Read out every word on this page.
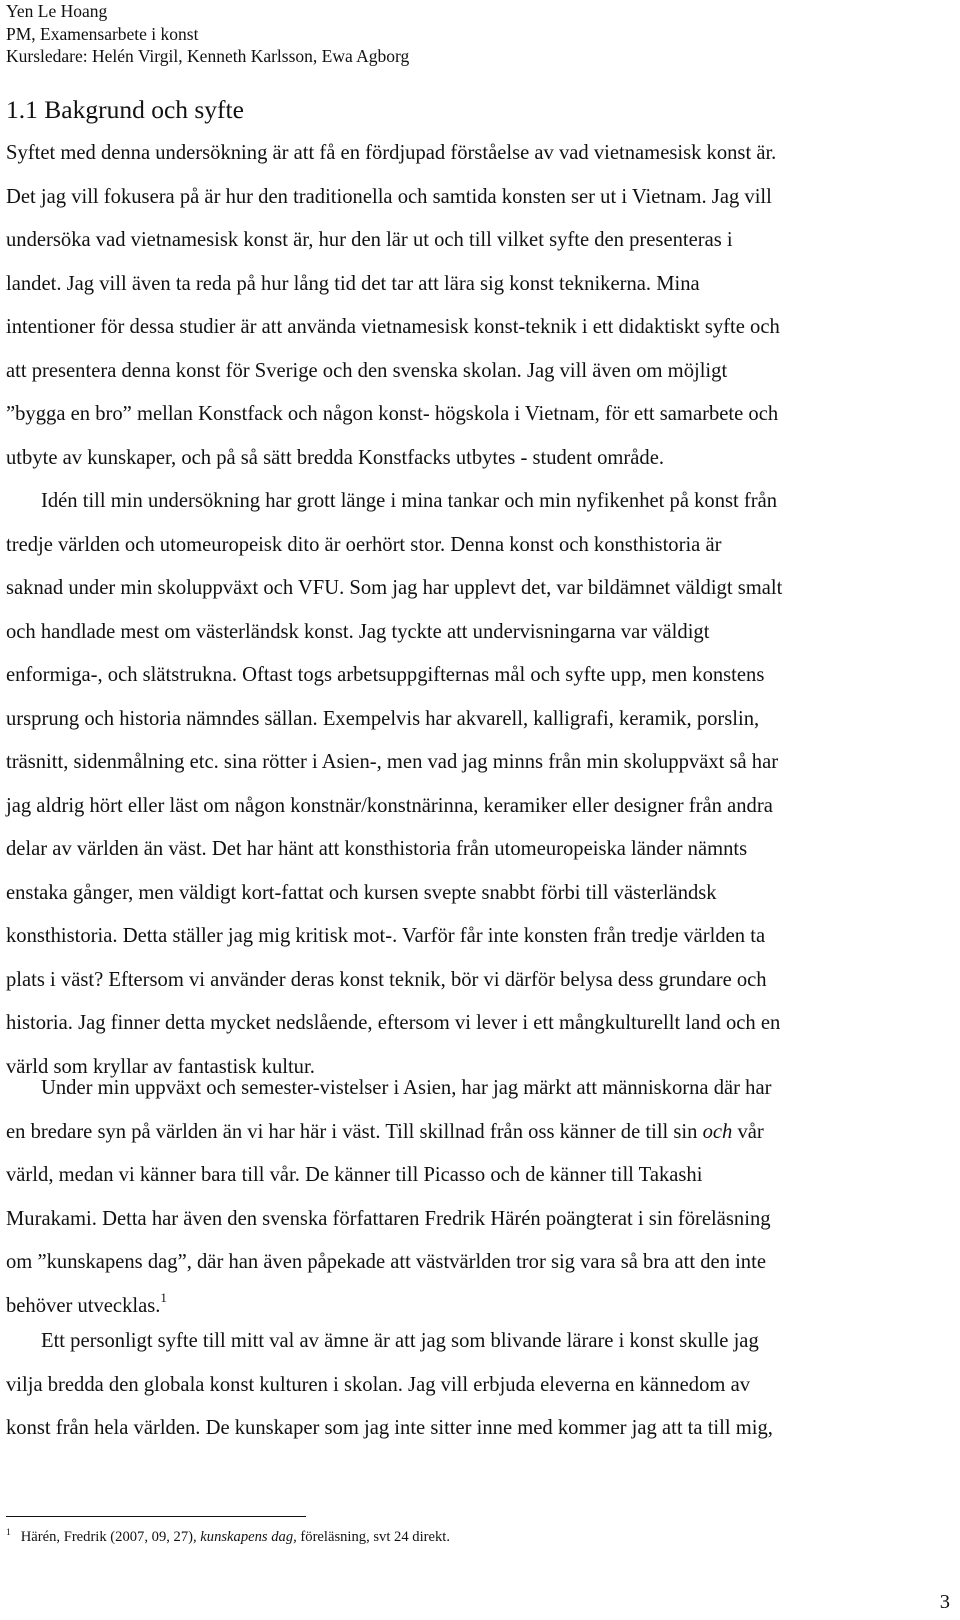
Yen Le Hoang
PM, Examensarbete i konst
Kursledare: Helén Virgil, Kenneth Karlsson, Ewa Agborg
1.1 Bakgrund och syfte
Syftet med denna undersökning är att få en fördjupad förståelse av vad vietnamesisk konst är.
Det jag vill fokusera på är hur den traditionella och samtida konsten ser ut i Vietnam. Jag vill
undersöka vad vietnamesisk konst är, hur den lär ut och till vilket syfte den presenteras i
landet. Jag vill även ta reda på hur lång tid det tar att lära sig konst teknikerna. Mina
intentioner för dessa studier är att använda vietnamesisk konst-teknik i ett didaktiskt syfte och
att presentera denna konst för Sverige och den svenska skolan. Jag vill även om möjligt
”bygga en bro” mellan Konstfack och någon konst- högskola i Vietnam, för ett samarbete och
utbyte av kunskaper, och på så sätt bredda Konstfacks utbytes - student område.
Idén till min undersökning har grott länge i mina tankar och min nyfikenhet på konst från
tredje världen och utomeuropeisk dito är oerhört stor. Denna konst och konsthistoria är
saknad under min skoluppväxt och VFU. Som jag har upplevt det, var bildämnet väldigt smalt
och handlade mest om västerländsk konst. Jag tyckte att undervisningarna var väldigt
enformiga-, och slätstrukna. Oftast togs arbetsuppgifternas mål och syfte upp, men konstens
ursprung och historia nämndes sällan. Exempelvis har akvarell, kalligrafi, keramik, porslin,
träsnitt, sidenmålning etc. sina rötter i Asien-, men vad jag minns från min skoluppväxt så har
jag aldrig hört eller läst om någon konstnär/konstnärinna, keramiker eller designer från andra
delar av världen än väst. Det har hänt att konsthistoria från utomeuropeiska länder nämnts
enstaka gånger, men väldigt kort-fattat och kursen svepte snabbt förbi till västerländsk
konsthistoria. Detta ställer jag mig kritisk mot-. Varför får inte konsten från tredje världen ta
plats i väst? Eftersom vi använder deras konst teknik, bör vi därför belysa dess grundare och
historia. Jag finner detta mycket nedslående, eftersom vi lever i ett mångkulturellt land och en
värld som kryllar av fantastisk kultur.
Under min uppväxt och semester-vistelser i Asien, har jag märkt att människorna där har
en bredare syn på världen än vi har här i väst. Till skillnad från oss känner de till sin och vår
värld, medan vi känner bara till vår. De känner till Picasso och de känner till Takashi
Murakami. Detta har även den svenska författaren Fredrik Härén poängterat i sin föreläsning
om ”kunskapens dag”, där han även påpekade att västvärlden tror sig vara så bra att den inte
behöver utvecklas.$^1$
Ett personligt syfte till mitt val av ämne är att jag som blivande lärare i konst skulle jag
vilja bredda den globala konst kulturen i skolan. Jag vill erbjuda eleverna en kännedom av
konst från hela världen. De kunskaper som jag inte sitter inne med kommer jag att ta till mig,
$^1$ Härén, Fredrik (2007, 09, 27), kunskapens dag, föreläsning, svt 24 direkt.
3
